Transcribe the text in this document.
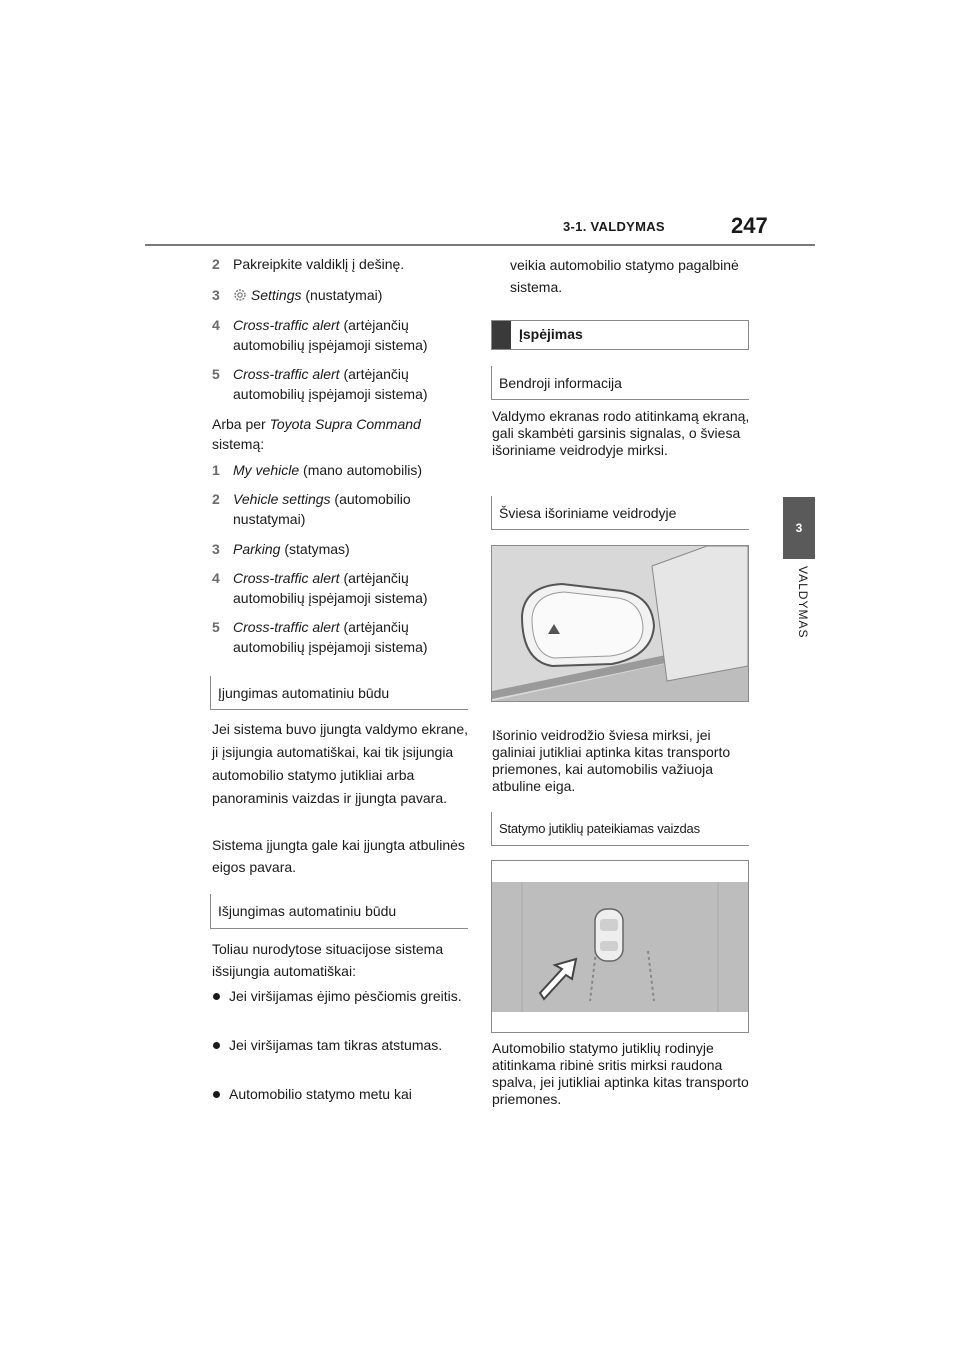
3-1. VALDYMAS	247
3
VALDYMAS
2 Pakreipkite valdiklį į dešinę.
3	Settings (nustatymai)
4 Cross-traffic alert (artėjančių automobilių įspėjamoji sistema)
5 Cross-traffic alert (artėjančių automobilių įspėjamoji sistema)
Arba per Toyota Supra Command sistemą:
1 My vehicle (mano automobilis)
2 Vehicle settings (automobilio nustatymai)
3 Parking (statymas)
4 Cross-traffic alert (artėjančių automobilių įspėjamoji sistema)
5 Cross-traffic alert (artėjančių automobilių įspėjamoji sistema)
Įjungimas automatiniu būdu
Jei sistema buvo įjungta valdymo ekrane, ji įsijungia automatiškai, kai tik įsijungia automobilio statymo jutikliai arba panoraminis vaizdas ir įjungta pavara.
Sistema įjungta gale kai įjungta atbulinės eigos pavara.
Išjungimas automatiniu būdu
Toliau nurodytose situacijose sistema išsijungia automatiškai:
Jei viršijamas ėjimo pėsčiomis greitis.
Jei viršijamas tam tikras atstumas.
Automobilio statymo metu kai
veikia automobilio statymo pagalbinė sistema.
Įspėjimas
Bendroji informacija
Valdymo ekranas rodo atitinkamą ekraną, gali skambėti garsinis signalas, o šviesa išoriniame veidrodyje mirksi.
Šviesa išoriniame veidrodyje
Išorinio veidrodžio šviesa mirksi, jei galiniai jutikliai aptinka kitas transporto priemones, kai automobilis važiuoja atbuline eiga.
Statymo jutiklių pateikiamas vaizdas
Automobilio statymo jutiklių rodinyje atitinkama ribinė sritis mirksi raudona spalva, jei jutikliai aptinka kitas transporto priemones.
